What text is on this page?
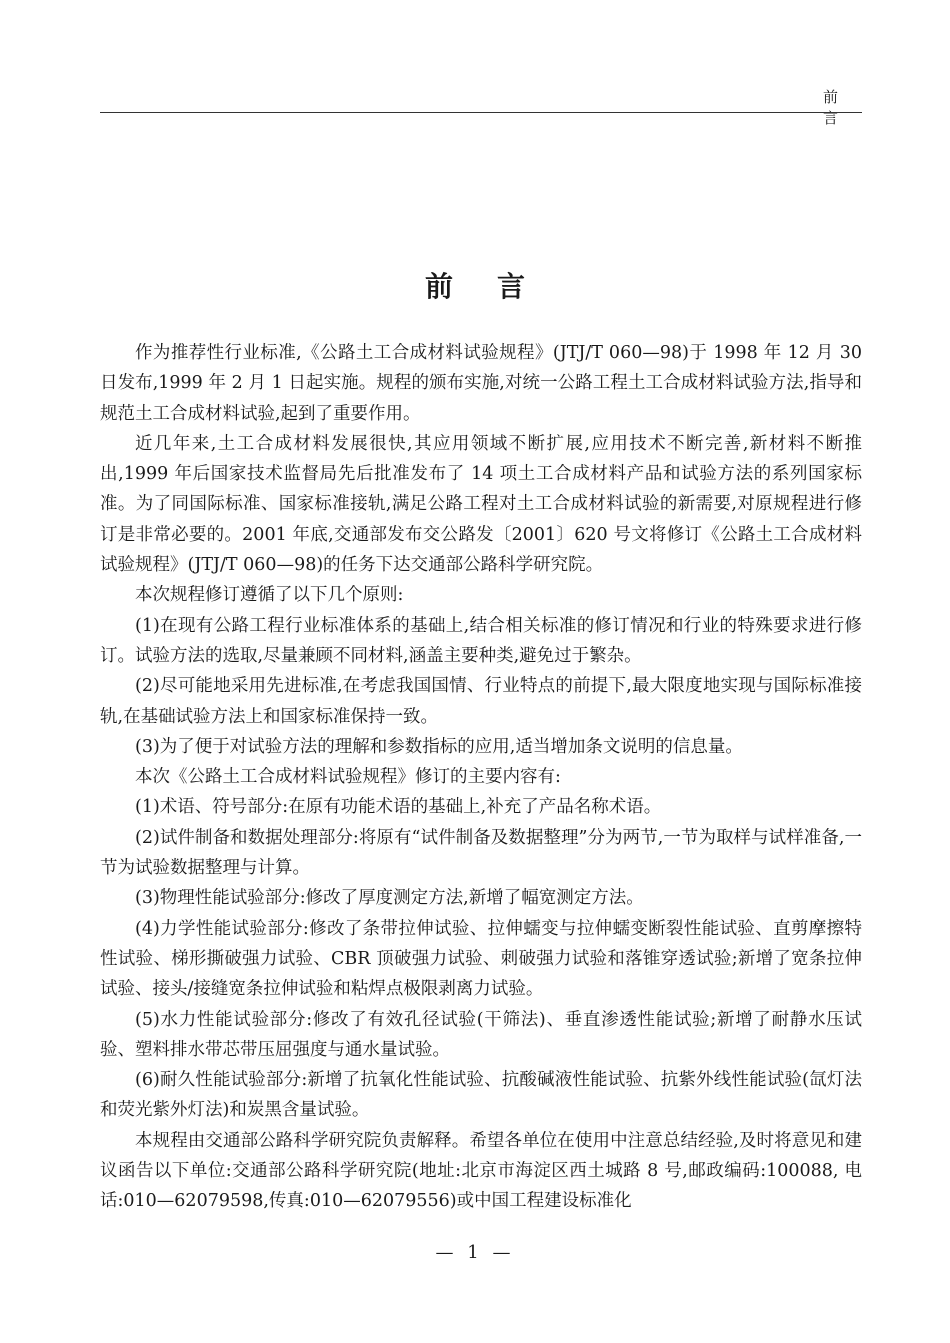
前 言
前言

作为推荐性行业标准,《公路土工合成材料试验规程》(JTJ/T 060—98)于 1998 年 12 月 30 日发布,1999 年 2 月 1 日起实施。规程的颁布实施,对统一公路工程土工合成材料试验方法,指导和规范土工合成材料试验,起到了重要作用。

近几年来,土工合成材料发展很快,其应用领域不断扩展,应用技术不断完善,新材料不断推出,1999 年后国家技术监督局先后批准发布了 14 项土工合成材料产品和试验方法的系列国家标准。为了同国际标准、国家标准接轨,满足公路工程对土工合成材料试验的新需要,对原规程进行修订是非常必要的。2001 年底,交通部发布交公路发〔2001〕620 号文将修订《公路土工合成材料试验规程》(JTJ/T 060—98)的任务下达交通部公路科学研究院。

本次规程修订遵循了以下几个原则:

(1)在现有公路工程行业标准体系的基础上,结合相关标准的修订情况和行业的特殊要求进行修订。试验方法的选取,尽量兼顾不同材料,涵盖主要种类,避免过于繁杂。

(2)尽可能地采用先进标准,在考虑我国国情、行业特点的前提下,最大限度地实现与国际标准接轨,在基础试验方法上和国家标准保持一致。

(3)为了便于对试验方法的理解和参数指标的应用,适当增加条文说明的信息量。

本次《公路土工合成材料试验规程》修订的主要内容有:

(1)术语、符号部分:在原有功能术语的基础上,补充了产品名称术语。

(2)试件制备和数据处理部分:将原有“试件制备及数据整理”分为两节,一节为取样与试样准备,一节为试验数据整理与计算。

(3)物理性能试验部分:修改了厚度测定方法,新增了幅宽测定方法。

(4)力学性能试验部分:修改了条带拉伸试验、拉伸蠕变与拉伸蠕变断裂性能试验、直剪摩擦特性试验、梯形撕破强力试验、CBR 顶破强力试验、刺破强力试验和落锥穿透试验;新增了宽条拉伸试验、接头/接缝宽条拉伸试验和粘焊点极限剥离力试验。

(5)水力性能试验部分:修改了有效孔径试验(干筛法)、垂直渗透性能试验;新增了耐静水压试验、塑料排水带芯带压屈强度与通水量试验。

(6)耐久性能试验部分:新增了抗氧化性能试验、抗酸碱液性能试验、抗紫外线性能试验(氙灯法和荧光紫外灯法)和炭黑含量试验。

本规程由交通部公路科学研究院负责解释。希望各单位在使用中注意总结经验,及时将意见和建议函告以下单位:交通部公路科学研究院(地址:北京市海淀区西土城路 8 号,邮政编码:100088, 电话:010—62079598,传真:010—62079556)或中国工程建设标准化

— 1 —
